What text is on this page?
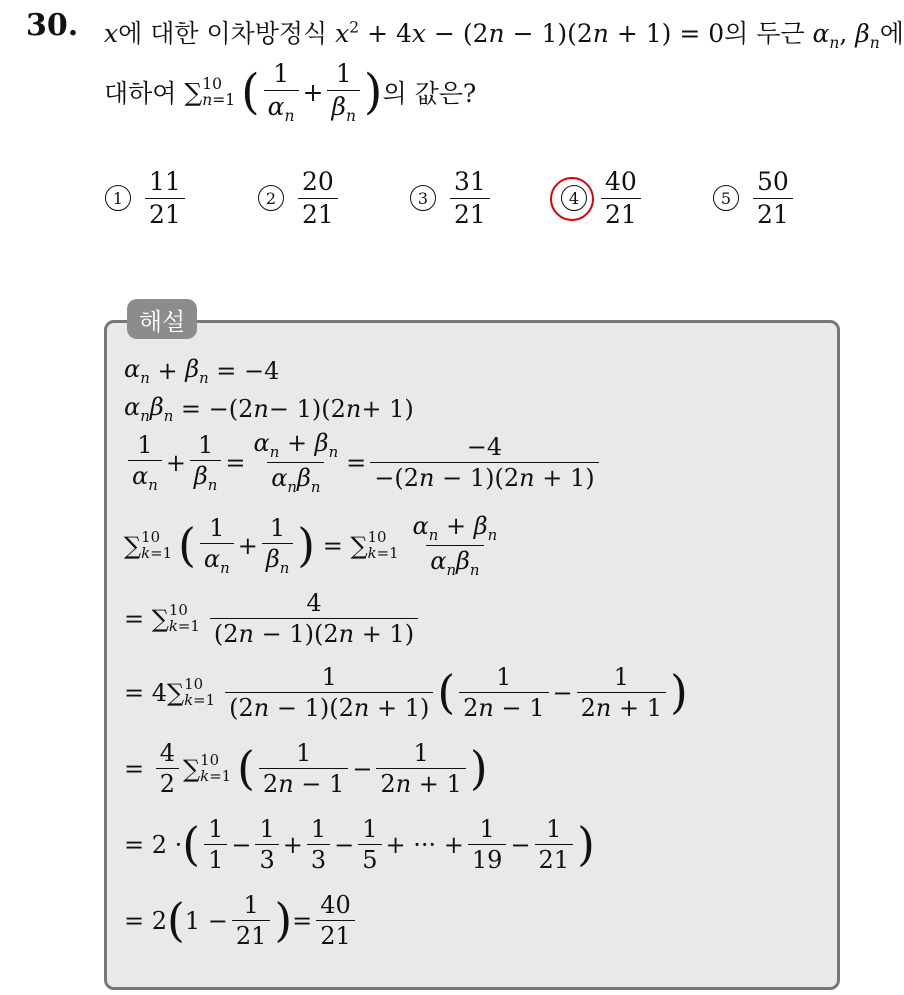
30. x에 대한 이차방정식 $x^2 + 4x - (2n - 1)(2n + 1) = 0$의 두근 $\alpha_n$, $\beta_n$에
대하여
∑ 10
n=1 ( $\frac{1}{\alpha_n} + \frac{1}{\beta_n}$ ) 의 값은?
$1 \frac{11}{21}$	$2 \frac{20}{21}$	$3 \frac{31}{21}$	$4 \frac{40}{21}$	$5 \frac{50}{21}$
해설
$\alpha_n + \beta_n = -4$
$\alpha_n\beta_n = -(2$ n − 1)(2 n + 1)
$\frac{1}{\alpha_n} + \frac{1}{\beta_n} = \frac{\alpha_n + \beta_n}{\alpha_n\beta_n} = \frac{-4}{-(2n - 1)(2n + 1)}$
∑ 10
k=1 ( $\frac{1}{\alpha_n} + \frac{1}{\beta_n}$ ) = ∑ 10
$k=1 \frac{\alpha_n + \beta_n}{\alpha_n\beta_n}$
= ∑ 10
$k=1 \frac{4}{(2n - 1)(2n + 1)}$
= 4 ∑ 10
$k=1 \frac{1}{(2n - 1)(2n + 1)}$ ( $\frac{1}{2n - 1} - \frac{1}{2n + 1}$ )
= $\frac{4}{2}$ ∑ 10
k=1 ( $\frac{1}{2n - 1} - \frac{1}{2n + 1}$ )
= 2 · ( $\frac{1}{1} - \frac{1}{3} + \frac{1}{3} - \frac{1}{5}$ + ··· + $\frac{1}{19} - \frac{1}{21}$ )
= 2 ( $1 - \frac{1}{21}$ ) = $\frac{40}{21}$
